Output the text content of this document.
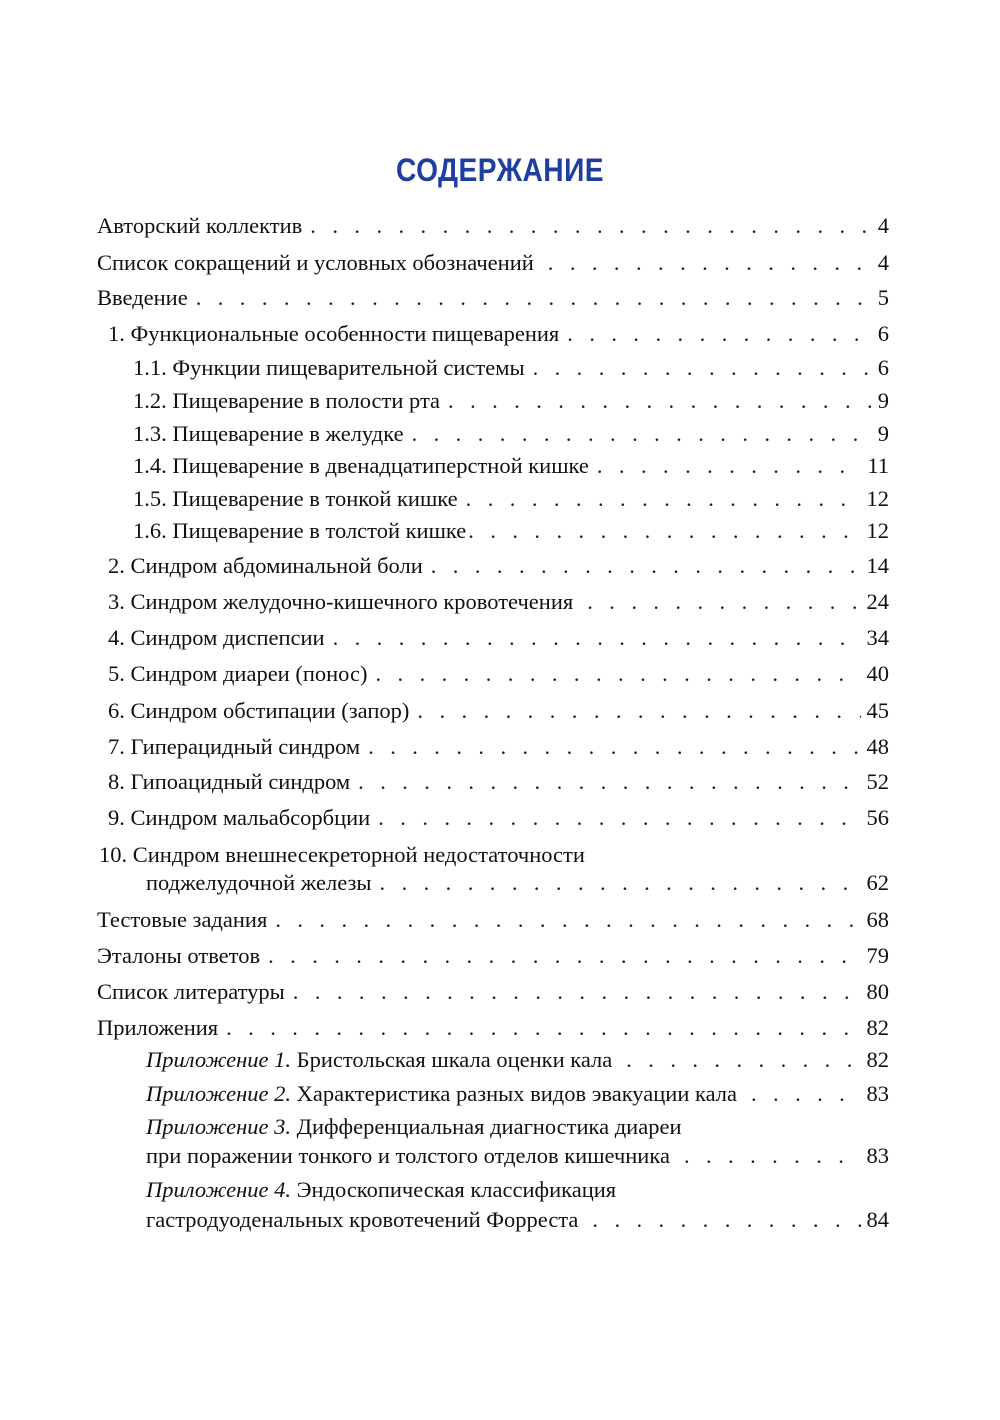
СОДЕРЖАНИЕ
Авторский коллектив . . .	4
Список сокращений и условных обозначений . . .	4
Введение . . .	5
1. Функциональные особенности пищеварения . . .	6
1.1. Функции пищеварительной системы . . .	6
1.2. Пищеварение в полости рта . . .	9
1.3. Пищеварение в желудке . . .	9
1.4. Пищеварение в двенадцатиперстной кишке . . .	11
1.5. Пищеварение в тонкой кишке . . .	12
1.6. Пищеварение в толстой кишке . . .	12
2. Синдром абдоминальной боли . . .	14
3. Синдром желудочно-кишечного кровотечения . . .	24
4. Синдром диспепсии . . .	34
5. Синдром диареи (понос) . . .	40
6. Синдром обстипации (запор) . . .	45
7. Гиперацидный синдром . . .	48
8. Гипоацидный синдром . . .	52
9. Синдром мальабсорбции . . .	56
10. Синдром внешнесекреторной недостаточности
поджелудочной железы . . .	62
Тестовые задания . . .	68
Эталоны ответов . . .	79
Список литературы . . .	80
Приложения . . .	82
Приложение 1. Бристольская шкала оценки кала . . .	82
Приложение 2. Характеристика разных видов эвакуации кала . . .	83
Приложение 3. Дифференциальная диагностика диареи
при поражении тонкого и толстого отделов кишечника . . .	83
Приложение 4. Эндоскопическая классификация
гастродуоденальных кровотечений Форреста . . .	84
